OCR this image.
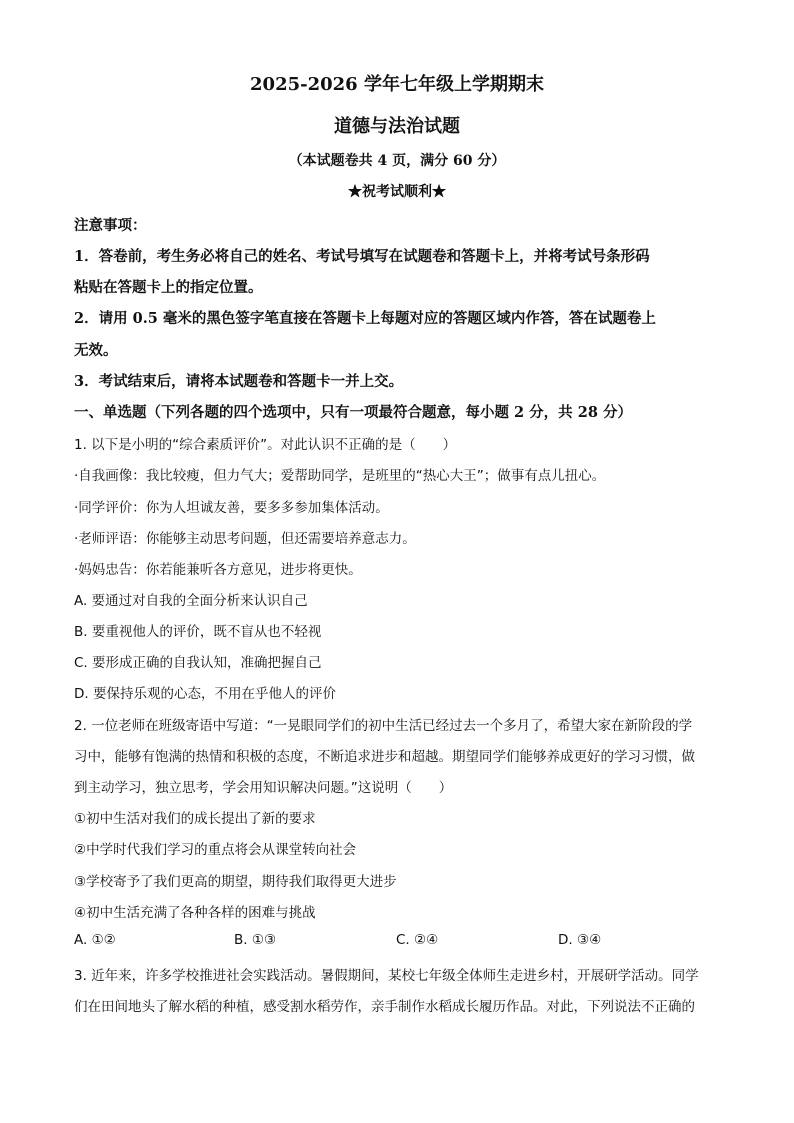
2025-2026 学年七年级上学期期末
道德与法治试题
（本试题卷共 4 页，满分 60 分）
★祝考试顺利★
注意事项：
1．答卷前，考生务必将自己的姓名、考试号填写在试题卷和答题卡上，并将考试号条形码
粘贴在答题卡上的指定位置。
2．请用 0.5 毫米的黑色签字笔直接在答题卡上每题对应的答题区域内作答，答在试题卷上
无效。
3．考试结束后，请将本试题卷和答题卡一并上交。
一、单选题（下列各题的四个选项中，只有一项最符合题意，每小题 2 分，共 28 分）
1. 以下是小明的“综合素质评价”。对此认识不正确的是（　　）
·自我画像：我比较瘦，但力气大；爱帮助同学，是班里的“热心大王”；做事有点儿扭心。
·同学评价：你为人坦诚友善，要多多参加集体活动。
·老师评语：你能够主动思考问题，但还需要培养意志力。
·妈妈忠告：你若能兼听各方意见，进步将更快。
A. 要通过对自我的全面分析来认识自己
B. 要重视他人的评价，既不盲从也不轻视
C. 要形成正确的自我认知，准确把握自己
D. 要保持乐观的心态，不用在乎他人的评价
2. 一位老师在班级寄语中写道：“一晃眼同学们的初中生活已经过去一个多月了，希望大家在新阶段的学
习中，能够有饱满的热情和积极的态度，不断追求进步和超越。期望同学们能够养成更好的学习习惯，做
到主动学习，独立思考，学会用知识解决问题。”这说明（　　）
①初中生活对我们的成长提出了新的要求
②中学时代我们学习的重点将会从课堂转向社会
③学校寄予了我们更高的期望，期待我们取得更大进步
④初中生活充满了各种各样的困难与挑战
A. ①②	B. ①③	C. ②④	D. ③④
3. 近年来，许多学校推进社会实践活动。暑假期间，某校七年级全体师生走进乡村，开展研学活动。同学
们在田间地头了解水稻的种植，感受割水稻劳作，亲手制作水稻成长履历作品。对此，下列说法不正确的
